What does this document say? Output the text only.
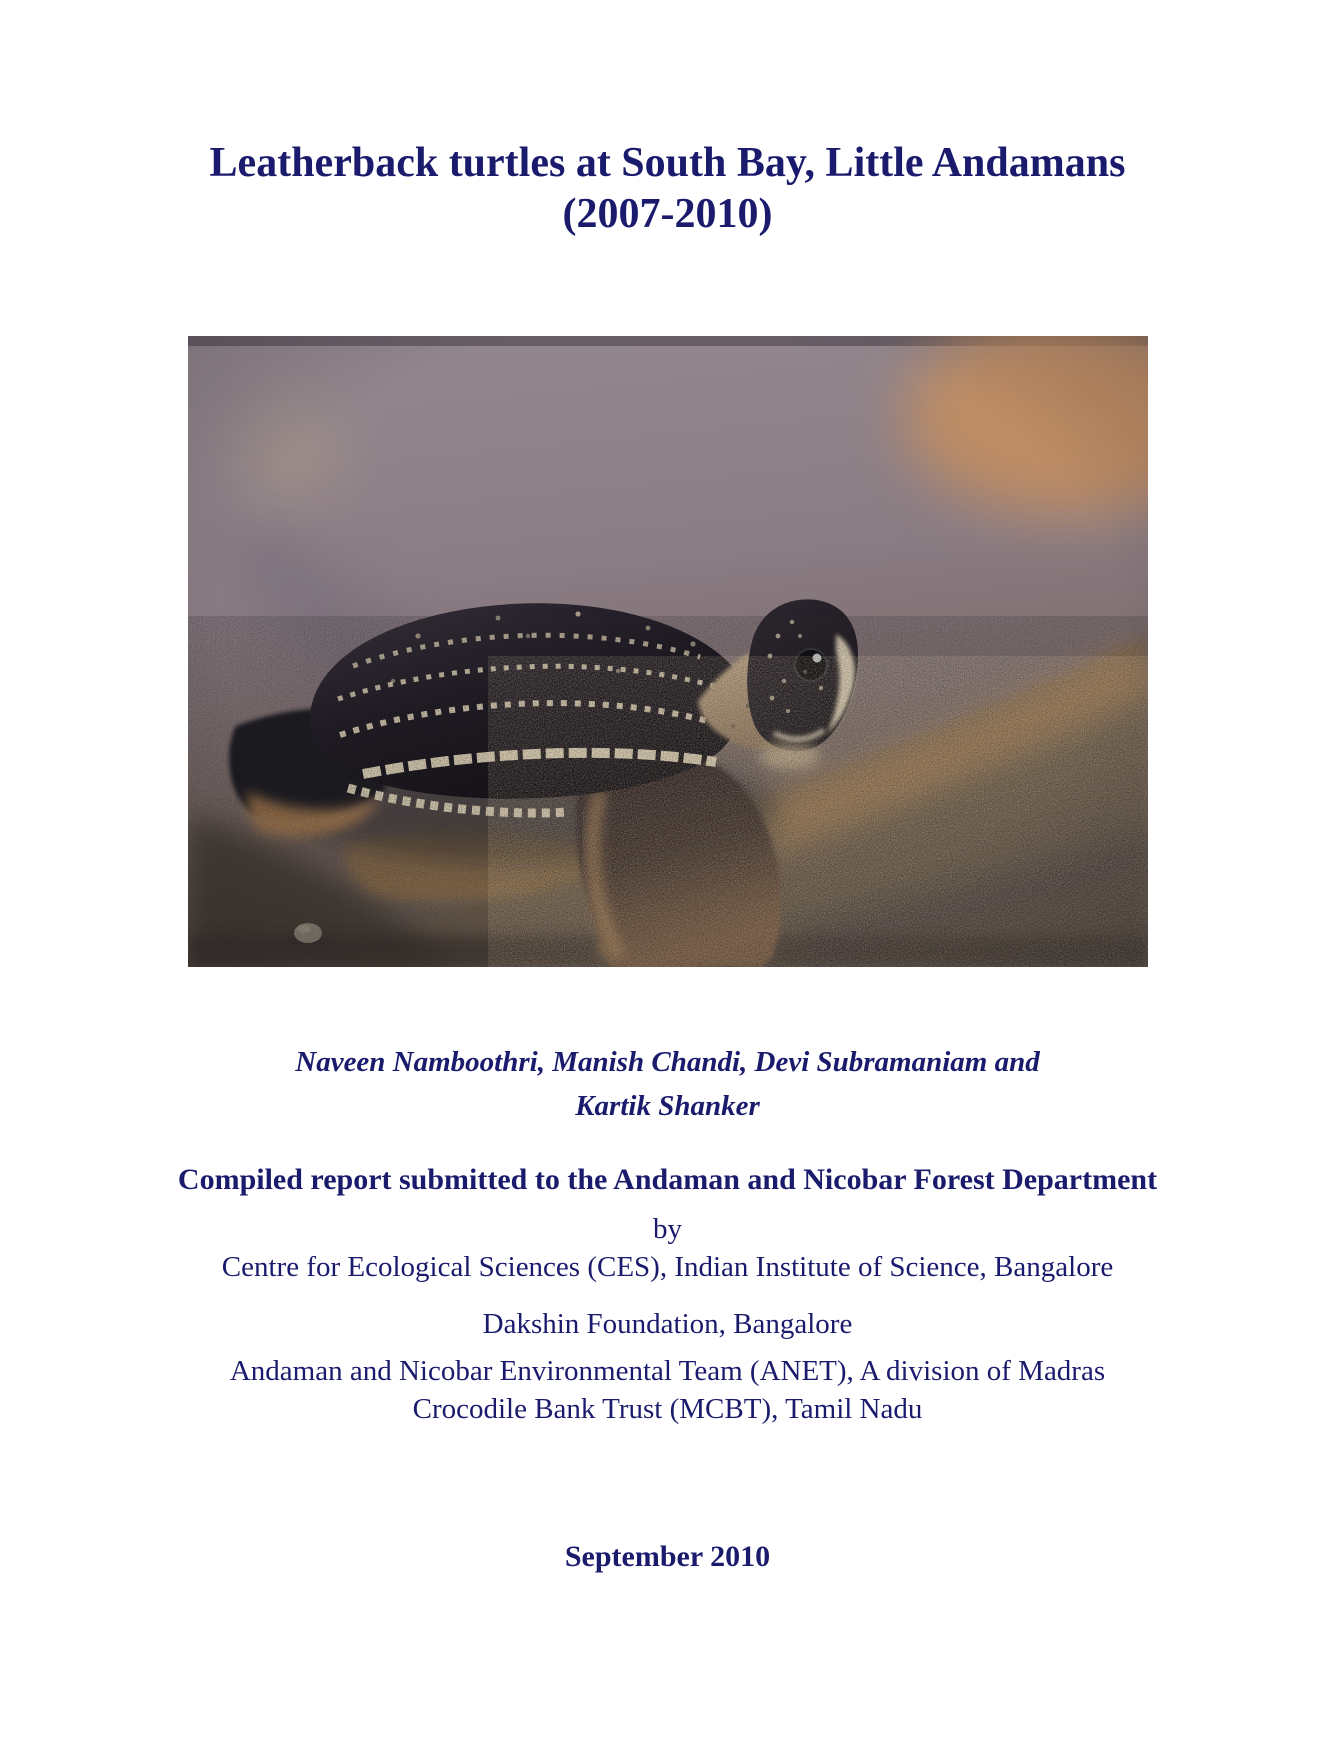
Leatherback turtles at South Bay, Little Andamans
(2007-2010)

Naveen Namboothri, Manish Chandi, Devi Subramaniam and
Kartik Shanker

Compiled report submitted to the Andaman and Nicobar Forest Department

by

Centre for Ecological Sciences (CES), Indian Institute of Science, Bangalore

Dakshin Foundation, Bangalore

Andaman and Nicobar Environmental Team (ANET), A division of Madras Crocodile Bank Trust (MCBT), Tamil Nadu

September 2010
